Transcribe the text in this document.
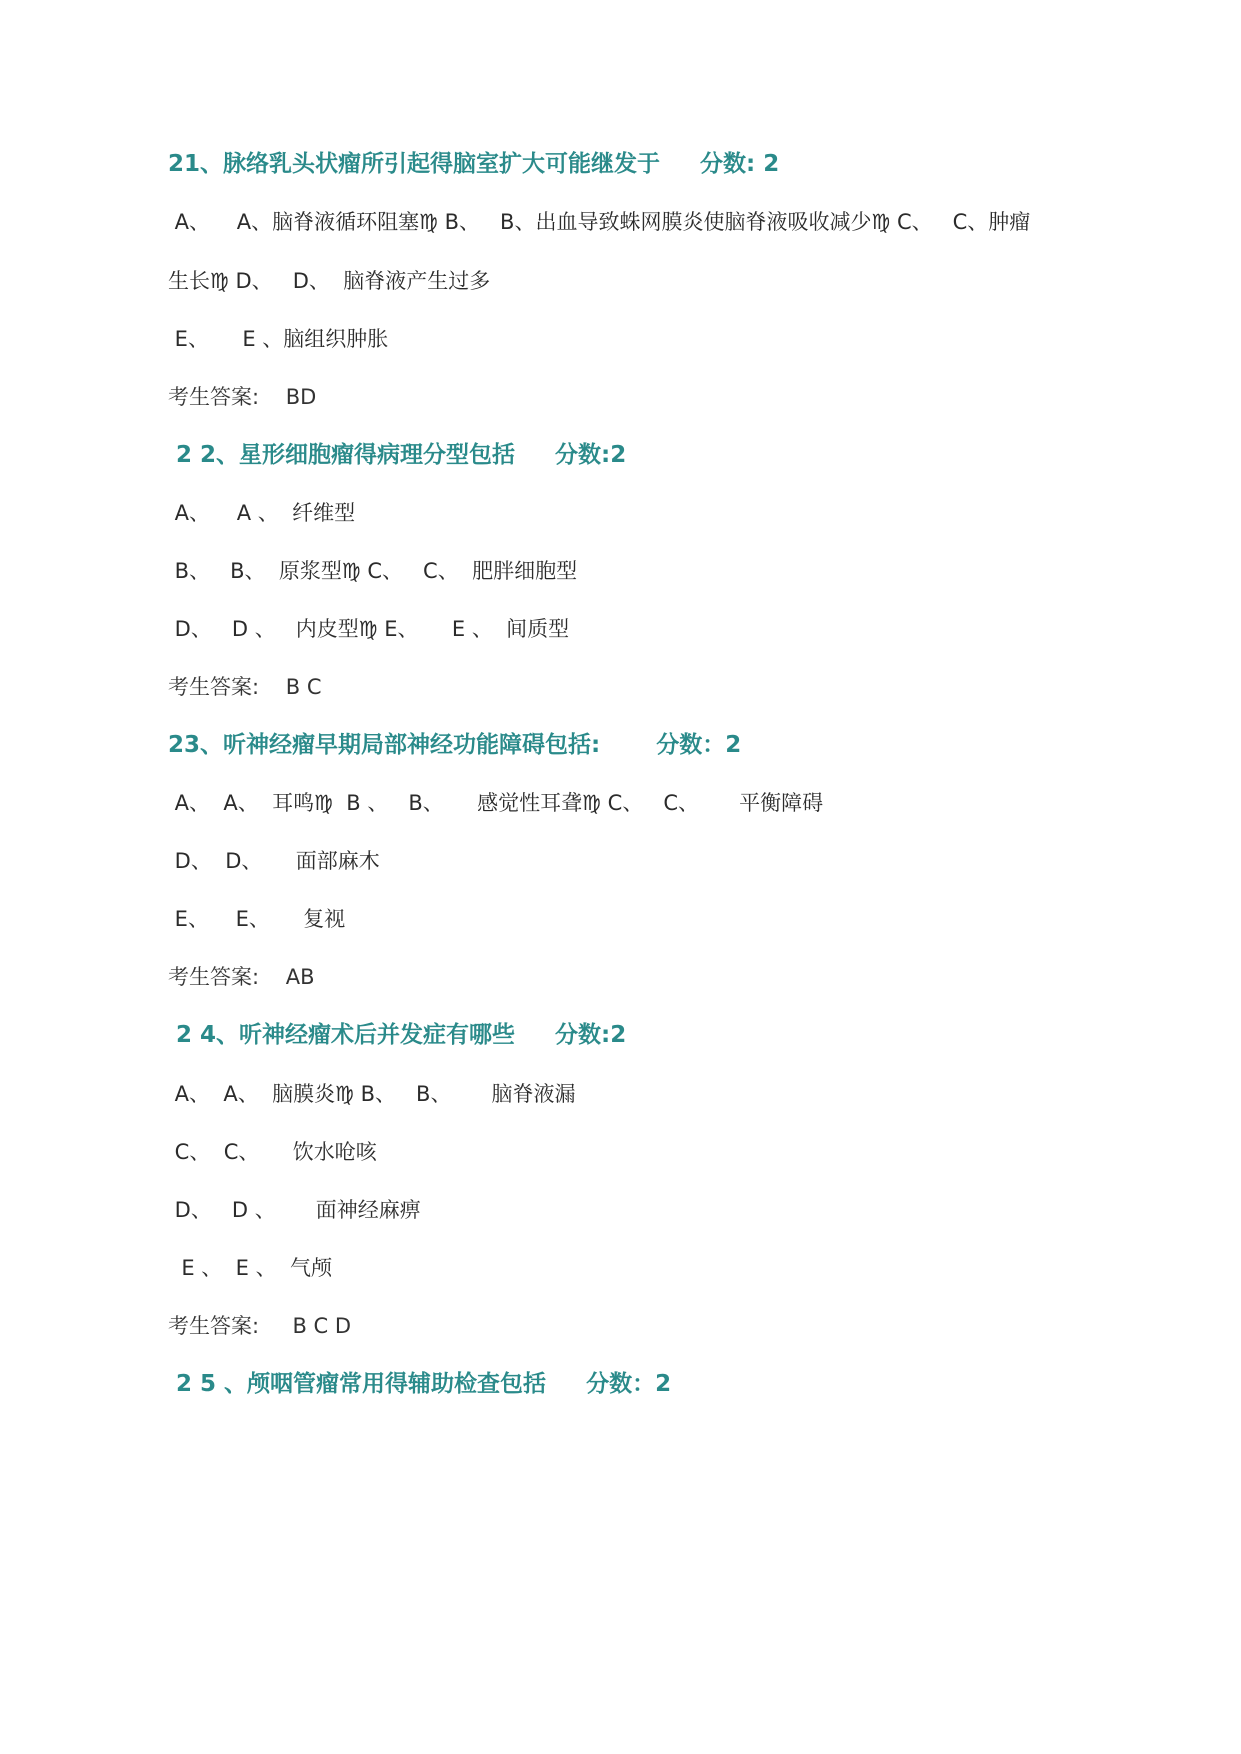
21、脉络乳头状瘤所引起得脑室扩大可能继发于     分数: 2
A、    A、脑脊液循环阻塞♍ B、   B、出血导致蛛网膜炎使脑脊液吸收减少♍ C、   C、肿瘤
生长♍ D、   D、  脑脊液产生过多
E、     E 、脑组织肿胀
考生答案:    BD
2 2、星形细胞瘤得病理分型包括     分数:2
A、    A 、  纤维型
B、   B、  原浆型♍ C、   C、  肥胖细胞型
D、   D 、   内皮型♍ E、     E 、  间质型
考生答案:    B C
23、听神经瘤早期局部神经功能障碍包括:       分数：2
A、  A、  耳鸣♍  B 、   B、     感觉性耳聋♍ C、   C、      平衡障碍
D、  D、     面部麻木
E、    E、     复视
考生答案:    AB
2 4、听神经瘤术后并发症有哪些     分数:2
A、  A、  脑膜炎♍ B、   B、      脑脊液漏
C、  C、     饮水呛咳
D、   D 、      面神经麻痹
E 、  E 、  气颅
考生答案:     B C D
2 5 、颅咽管瘤常用得辅助检查包括     分数：2
